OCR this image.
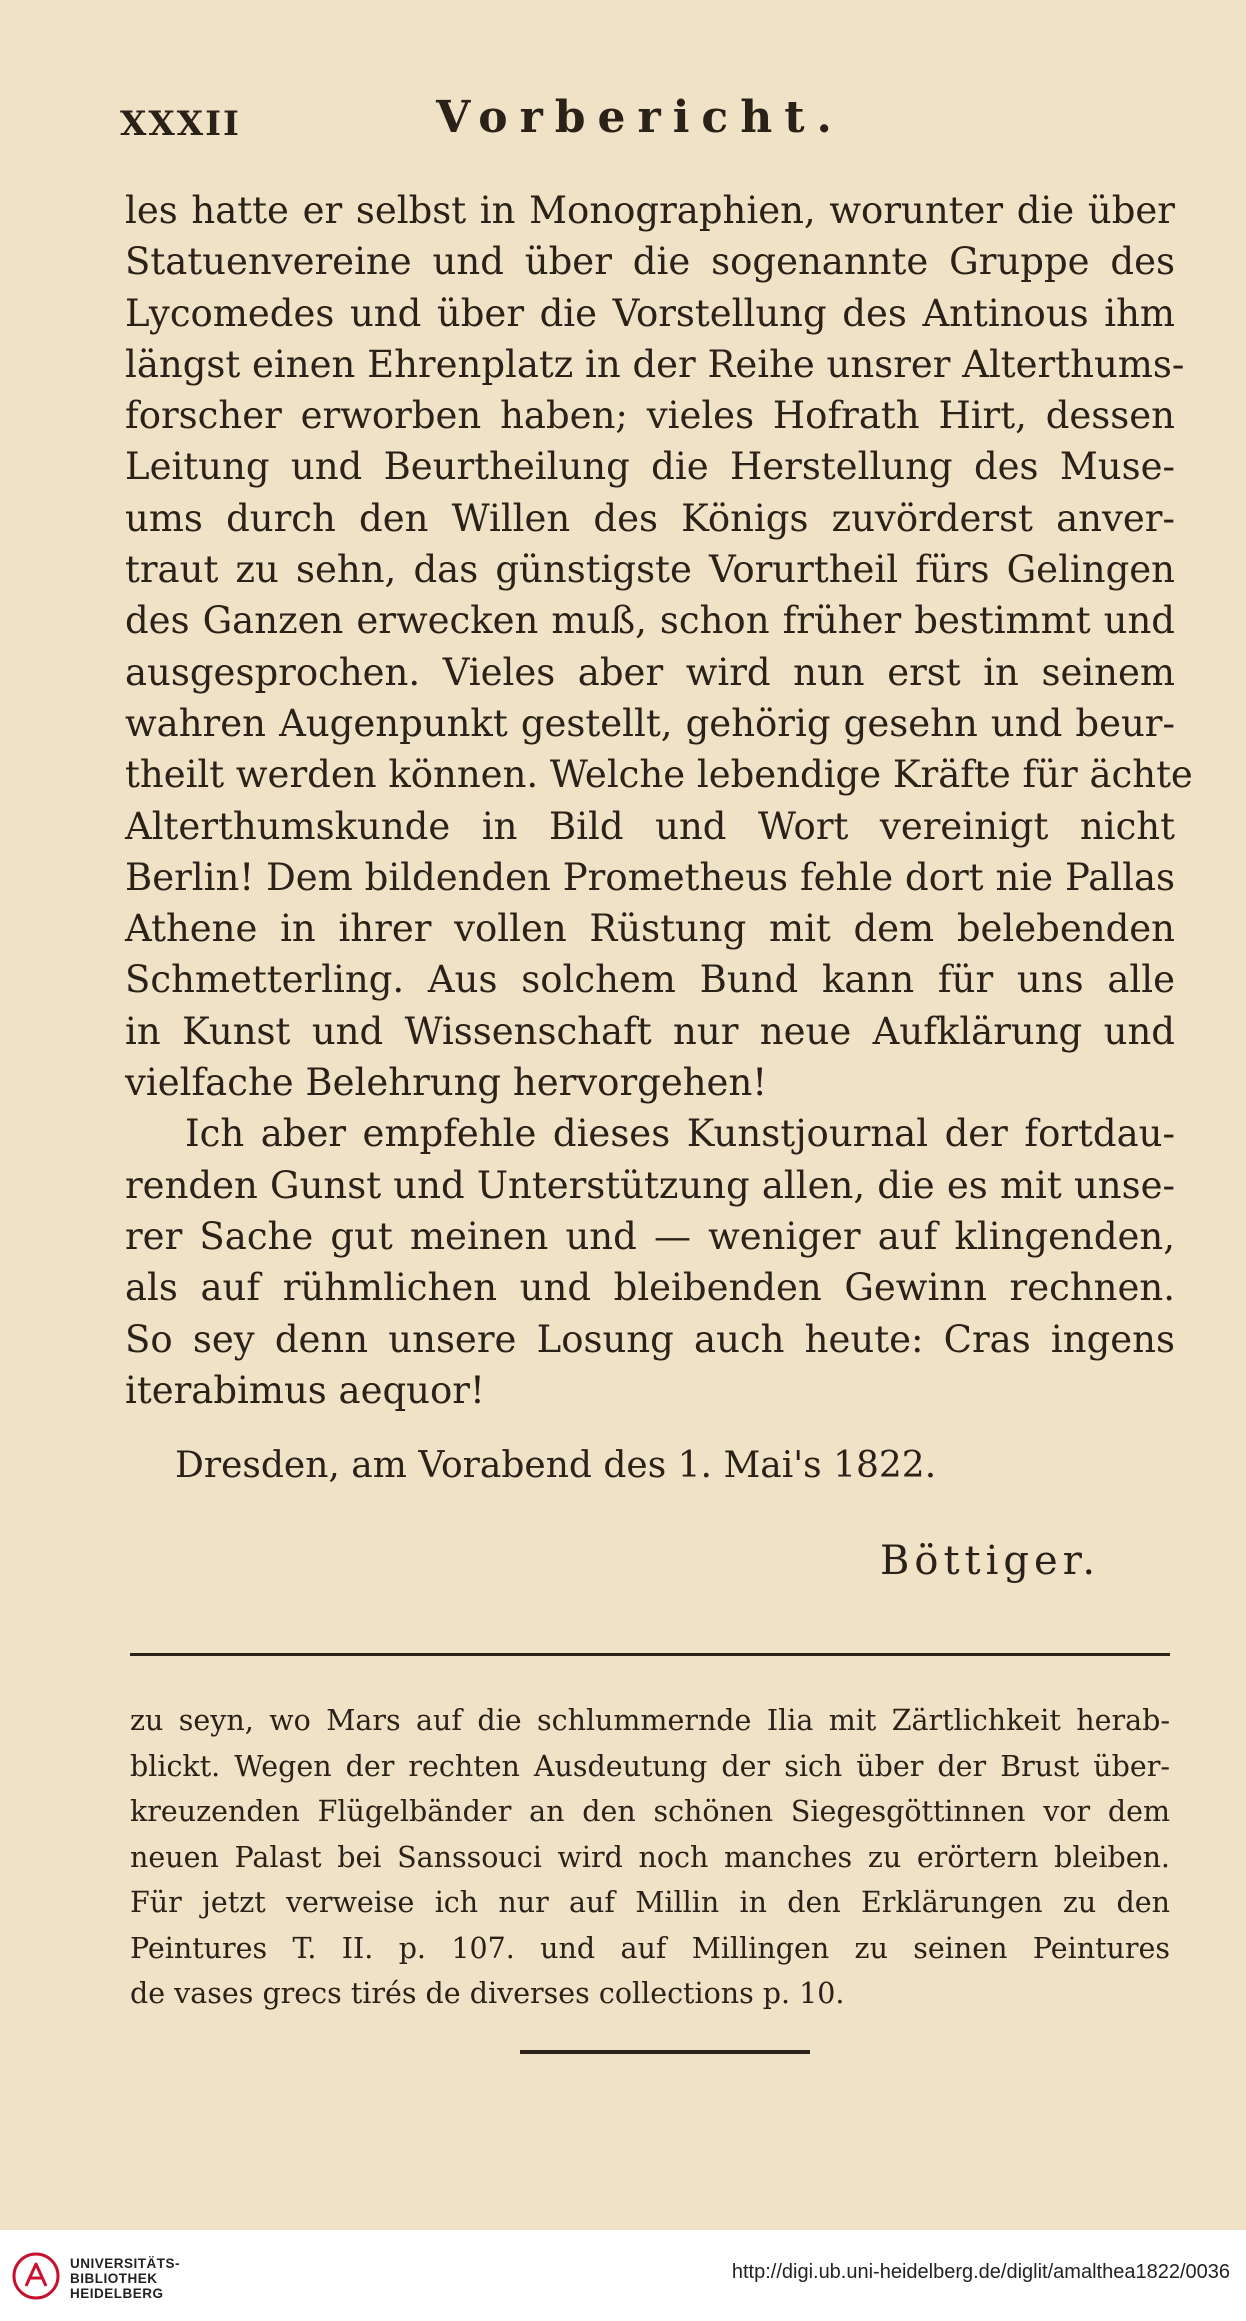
XXXII	Vorbericht.
les hatte er selbst in Monographien, worunter die über
Statuenvereine und über die sogenannte Gruppe des
Lycomedes und über die Vorstellung des Antinous ihm
längst einen Ehrenplatz in der Reihe unsrer Alterthums-
forscher erworben haben; vieles Hofrath Hirt, dessen
Leitung und Beurtheilung die Herstellung des Muse-
ums durch den Willen des Königs zuvörderst anver-
traut zu sehn, das günstigste Vorurtheil fürs Gelingen
des Ganzen erwecken muß, schon früher bestimmt und
ausgesprochen. Vieles aber wird nun erst in seinem
wahren Augenpunkt gestellt, gehörig gesehn und beur-
theilt werden können. Welche lebendige Kräfte für ächte
Alterthumskunde in Bild und Wort vereinigt nicht
Berlin! Dem bildenden Prometheus fehle dort nie Pallas
Athene in ihrer vollen Rüstung mit dem belebenden
Schmetterling. Aus solchem Bund kann für uns alle
in Kunst und Wissenschaft nur neue Aufklärung und
vielfache Belehrung hervorgehen!
Ich aber empfehle dieses Kunstjournal der fortdau-
renden Gunst und Unterstützung allen, die es mit unse-
rer Sache gut meinen und — weniger auf klingenden,
als auf rühmlichen und bleibenden Gewinn rechnen.
So sey denn unsere Losung auch heute: Cras ingens
iterabimus aequor!
Dresden, am Vorabend des 1. Mai's 1822.
Böttiger.
zu seyn, wo Mars auf die schlummernde Ilia mit Zärtlichkeit herab-
blickt. Wegen der rechten Ausdeutung der sich über der Brust über-
kreuzenden Flügelbänder an den schönen Siegesgöttinnen vor dem
neuen Palast bei Sanssouci wird noch manches zu erörtern bleiben.
Für jetzt verweise ich nur auf Millin in den Erklärungen zu den
Peintures T. II. p. 107. und auf Millingen zu seinen Peintures
de vases grecs tirés de diverses collections p. 10.
UNIVERSITÄTS-
BIBLIOTHEK
HEIDELBERG
http://digi.ub.uni-heidelberg.de/diglit/amalthea1822/0036
